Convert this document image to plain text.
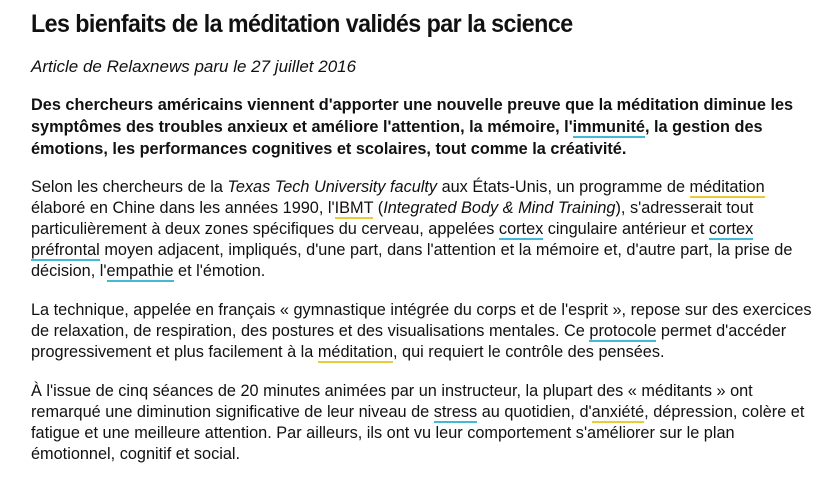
Les bienfaits de la méditation validés par la science

Article de Relaxnews paru le 27 juillet 2016

Des chercheurs américains viennent d'apporter une nouvelle preuve que la méditation diminue les symptômes des troubles anxieux et améliore l'attention, la mémoire, l'immunité, la gestion des émotions, les performances cognitives et scolaires, tout comme la créativité.

Selon les chercheurs de la Texas Tech University faculty aux États-Unis, un programme de méditation élaboré en Chine dans les années 1990, l'IBMT (Integrated Body & Mind Training), s'adresserait tout particulièrement à deux zones spécifiques du cerveau, appelées cortex cingulaire antérieur et cortex préfrontal moyen adjacent, impliqués, d'une part, dans l'attention et la mémoire et, d'autre part, la prise de décision, l'empathie et l'émotion.

La technique, appelée en français « gymnastique intégrée du corps et de l'esprit », repose sur des exercices de relaxation, de respiration, des postures et des visualisations mentales. Ce protocole permet d'accéder progressivement et plus facilement à la méditation, qui requiert le contrôle des pensées.

À l'issue de cinq séances de 20 minutes animées par un instructeur, la plupart des « méditants » ont remarqué une diminution significative de leur niveau de stress au quotidien, d'anxiété, dépression, colère et fatigue et une meilleure attention. Par ailleurs, ils ont vu leur comportement s'améliorer sur le plan émotionnel, cognitif et social.
